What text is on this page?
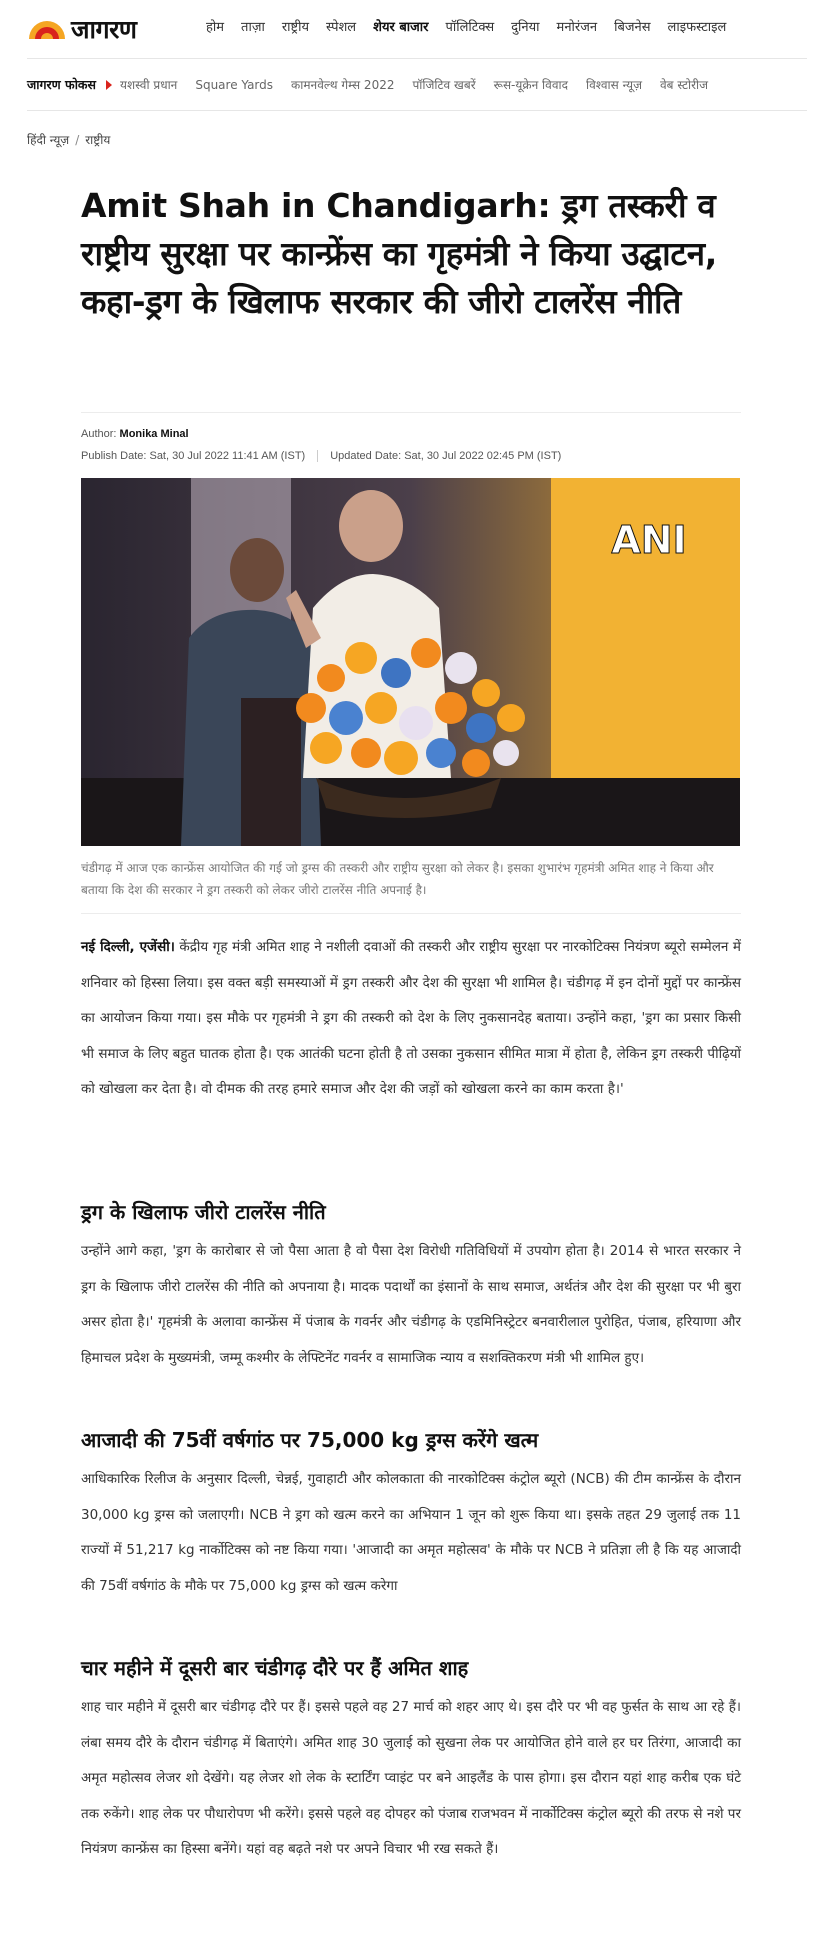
जागरण	होम ताज़ा राष्ट्रीय स्पेशल शेयर बाजार पॉलिटिक्स दुनिया मनोरंजन बिजनेस लाइफस्टाइल
जागरण फोकस यशस्वी प्रधान Square Yards कामनवेल्थ गेम्स 2022 पॉजिटिव खबरें रूस-यूक्रेन विवाद विश्वास न्यूज़ वेब स्टोरीज
हिंदी न्यूज़ / राष्ट्रीय
Amit Shah in Chandigarh: ड्रग तस्करी व राष्ट्रीय सुरक्षा पर कान्फ्रेंस का गृहमंत्री ने किया उद्घाटन, कहा-ड्रग के खिलाफ सरकार की जीरो टालरेंस नीति
Author: Monika Minal
Publish Date: Sat, 30 Jul 2022 11:41 AM (IST) Updated Date: Sat, 30 Jul 2022 02:45 PM (IST)
ANI

चंडीगढ़ में आज एक कान्फ्रेंस आयोजित की गई जो ड्रग्स की तस्करी और राष्ट्रीय सुरक्षा को लेकर है। इसका शुभारंभ गृहमंत्री अमित शाह ने किया और बताया कि देश की सरकार ने ड्रग तस्करी को लेकर जीरो टालरेंस नीति अपनाई है।

नई दिल्ली, एजेंसी। केंद्रीय गृह मंत्री अमित शाह ने नशीली दवाओं की तस्करी और राष्ट्रीय सुरक्षा पर नारकोटिक्स नियंत्रण ब्यूरो सम्मेलन में शनिवार को हिस्सा लिया। इस वक्त बड़ी समस्याओं में ड्रग तस्करी और देश की सुरक्षा भी शामिल है। चंडीगढ़ में इन दोनों मुद्दों पर कान्फ्रेंस का आयोजन किया गया। इस मौके पर गृहमंत्री ने ड्रग की तस्करी को देश के लिए नुकसानदेह बताया। उन्होंने कहा, 'ड्रग का प्रसार किसी भी समाज के लिए बहुत घातक होता है। एक आतंकी घटना होती है तो उसका नुकसान सीमित मात्रा में होता है, लेकिन ड्रग तस्करी पीढ़ियों को खोखला कर देता है। वो दीमक की तरह हमारे समाज और देश की जड़ों को खोखला करने का काम करता है।'

ड्रग के खिलाफ जीरो टालरेंस नीति

उन्होंने आगे कहा, 'ड्रग के कारोबार से जो पैसा आता है वो पैसा देश विरोधी गतिविधियों में उपयोग होता है। 2014 से भारत सरकार ने ड्रग के खिलाफ जीरो टालरेंस की नीति को अपनाया है। मादक पदार्थों का इंसानों के साथ समाज, अर्थतंत्र और देश की सुरक्षा पर भी बुरा असर होता है।' गृहमंत्री के अलावा कान्फ्रेंस में पंजाब के गवर्नर और चंडीगढ़ के एडमिनिस्ट्रेटर बनवारीलाल पुरोहित, पंजाब, हरियाणा और हिमाचल प्रदेश के मुख्यमंत्री, जम्मू कश्मीर के लेफ्टिनेंट गवर्नर व सामाजिक न्याय व सशक्तिकरण मंत्री भी शामिल हुए।

आजादी की 75वीं वर्षगांठ पर 75,000 kg ड्रग्स करेंगे खत्म

आधिकारिक रिलीज के अनुसार दिल्ली, चेन्नई, गुवाहाटी और कोलकाता की नारकोटिक्स कंट्रोल ब्यूरो (NCB) की टीम कान्फ्रेंस के दौरान 30,000 kg ड्रग्स को जलाएगी। NCB ने ड्रग को खत्म करने का अभियान 1 जून को शुरू किया था। इसके तहत 29 जुलाई तक 11 राज्यों में 51,217 kg नार्कोटिक्स को नष्ट किया गया। 'आजादी का अमृत महोत्सव' के मौके पर NCB ने प्रतिज्ञा ली है कि यह आजादी की 75वीं वर्षगांठ के मौके पर 75,000 kg ड्रग्स को खत्म करेगा

चार महीने में दूसरी बार चंडीगढ़ दौरे पर हैं अमित शाह

शाह चार महीने में दूसरी बार चंडीगढ़ दौरे पर हैं। इससे पहले वह 27 मार्च को शहर आए थे। इस दौरे पर भी वह फुर्सत के साथ आ रहे हैं। लंबा समय दौरे के दौरान चंडीगढ़ में बिताएंगे। अमित शाह 30 जुलाई को सुखना लेक पर आयोजित होने वाले हर घर तिरंगा, आजादी का अमृत महोत्सव लेजर शो देखेंगे। यह लेजर शो लेक के स्टार्टिंग प्वाइंट पर बने आइलैंड के पास होगा। इस दौरान यहां शाह करीब एक घंटे तक रुकेंगे। शाह लेक पर पौधारोपण भी करेंगे। इससे पहले वह दोपहर को पंजाब राजभवन में नार्कोटिक्स कंट्रोल ब्यूरो की तरफ से नशे पर नियंत्रण कान्फ्रेंस का हिस्सा बनेंगे। यहां वह बढ़ते नशे पर अपने विचार भी रख सकते हैं।
